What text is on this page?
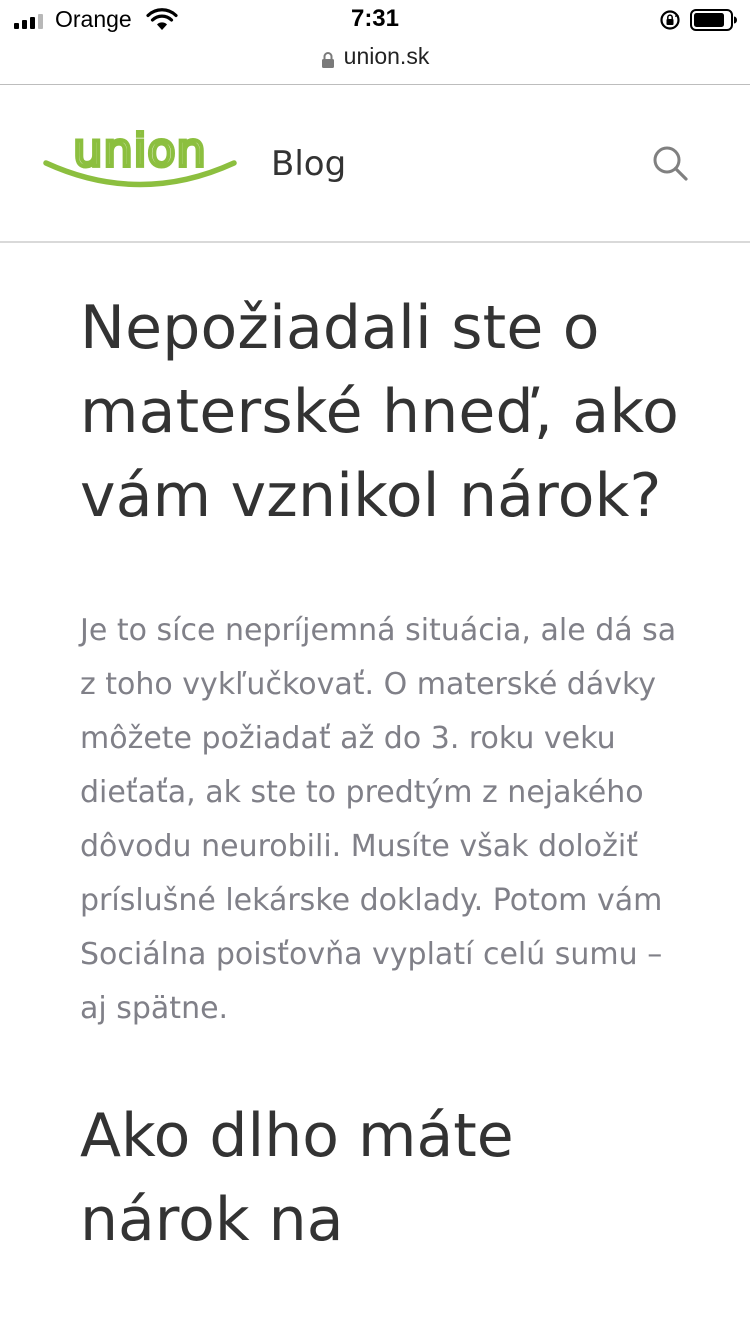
Orange	7:31
union.sk
union Blog
Nepožiadali ste o materské hneď, ako vám vznikol nárok?

Je to síce nepríjemná situácia, ale dá sa z toho vykľučkovať. O materské dávky môžete požiadať až do 3. roku veku dieťaťa, ak ste to predtým z nejakého dôvodu neurobili. Musíte však doložiť príslušné lekárske doklady. Potom vám Sociálna poisťovňa vyplatí celú sumu – aj spätne.

Ako dlho máte nárok na
